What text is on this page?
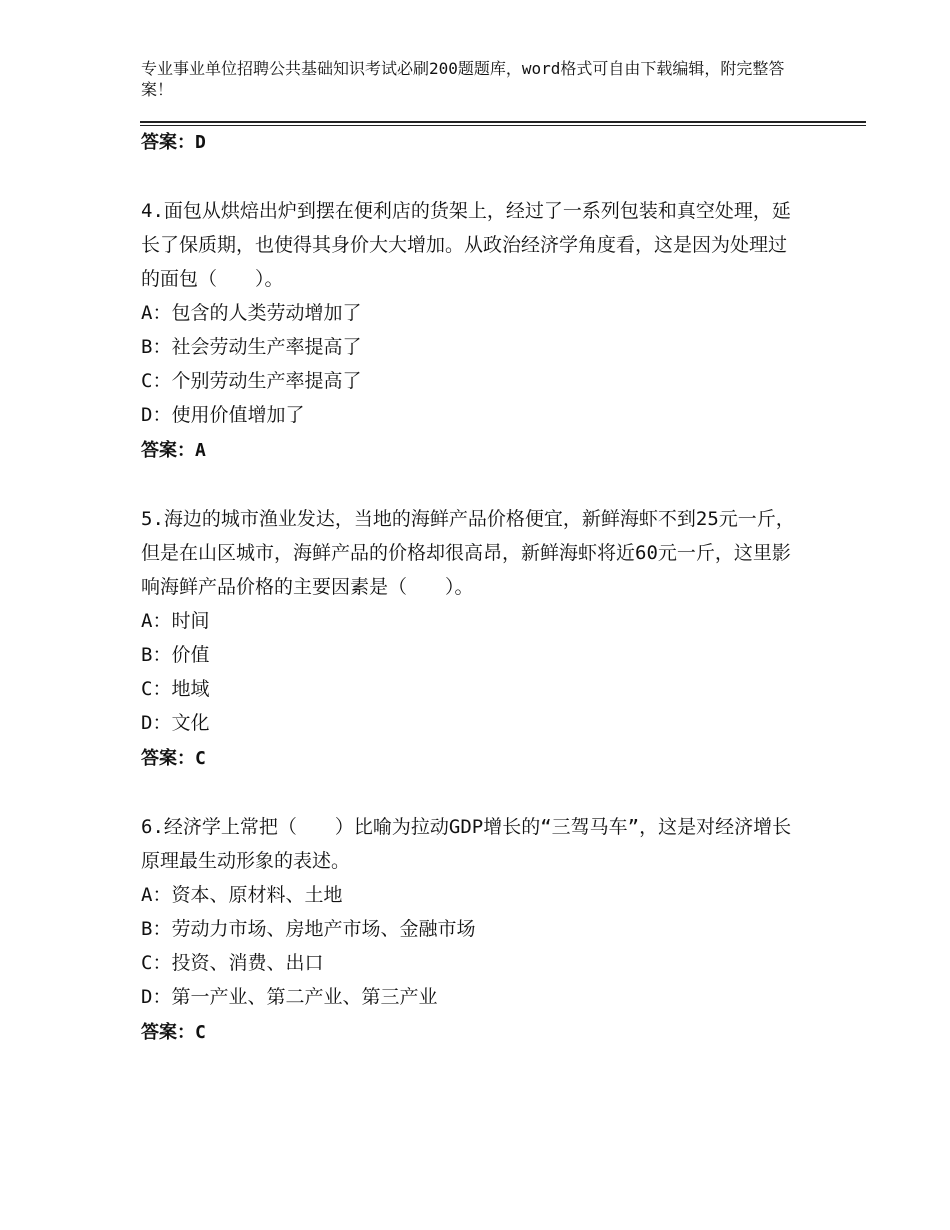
专业事业单位招聘公共基础知识考试必刷200题题库，word格式可自由下载编辑，附完整答案！
答案：D

4.面包从烘焙出炉到摆在便利店的货架上，经过了一系列包装和真空处理，延长了保质期，也使得其身价大大增加。从政治经济学角度看，这是因为处理过的面包（　　）。

A：包含的人类劳动增加了

B：社会劳动生产率提高了

C：个别劳动生产率提高了

D：使用价值增加了

答案：A

5.海边的城市渔业发达，当地的海鲜产品价格便宜，新鲜海虾不到25元一斤，但是在山区城市，海鲜产品的价格却很高昂，新鲜海虾将近60元一斤，这里影响海鲜产品价格的主要因素是（　　）。

A：时间

B：价值

C：地域

D：文化

答案：C

6.经济学上常把（　　）比喻为拉动GDP增长的“三驾马车”，这是对经济增长原理最生动形象的表述。

A：资本、原材料、土地

B：劳动力市场、房地产市场、金融市场

C：投资、消费、出口

D：第一产业、第二产业、第三产业

答案：C
